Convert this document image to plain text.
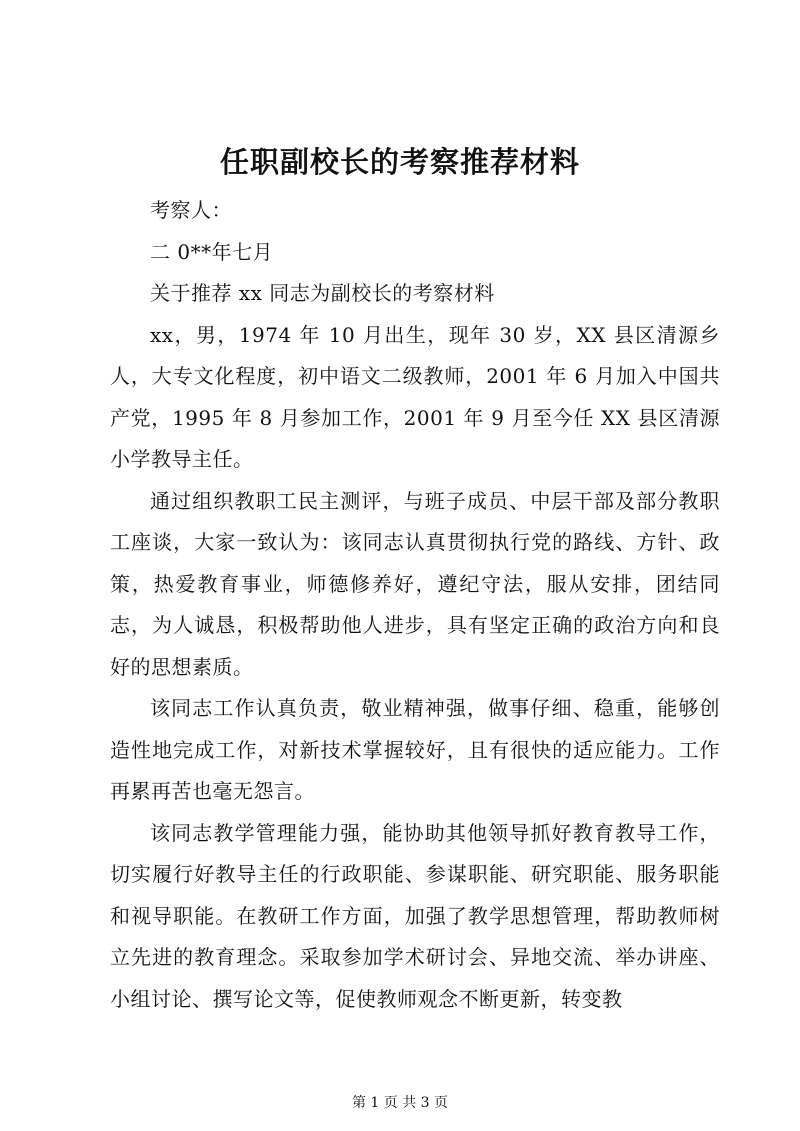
任职副校长的考察推荐材料

考察人：

二 0**年七月

关于推荐 xx 同志为副校长的考察材料

xx，男，1974 年 10 月出生，现年 30 岁，XX 县区清源乡人，大专文化程度，初中语文二级教师，2001 年 6 月加入中国共产党，1995 年 8 月参加工作，2001 年 9 月至今任 XX 县区清源小学教导主任。

通过组织教职工民主测评，与班子成员、中层干部及部分教职工座谈，大家一致认为：该同志认真贯彻执行党的路线、方针、政策，热爱教育事业，师德修养好，遵纪守法，服从安排，团结同志，为人诚恳，积极帮助他人进步，具有坚定正确的政治方向和良好的思想素质。

该同志工作认真负责，敬业精神强，做事仔细、稳重，能够创造性地完成工作，对新技术掌握较好，且有很快的适应能力。工作再累再苦也毫无怨言。

该同志教学管理能力强，能协助其他领导抓好教育教导工作，切实履行好教导主任的行政职能、参谋职能、研究职能、服务职能和视导职能。在教研工作方面，加强了教学思想管理，帮助教师树立先进的教育理念。采取参加学术研讨会、异地交流、举办讲座、小组讨论、撰写论文等，促使教师观念不断更新，转变教

第 1 页 共 3 页
